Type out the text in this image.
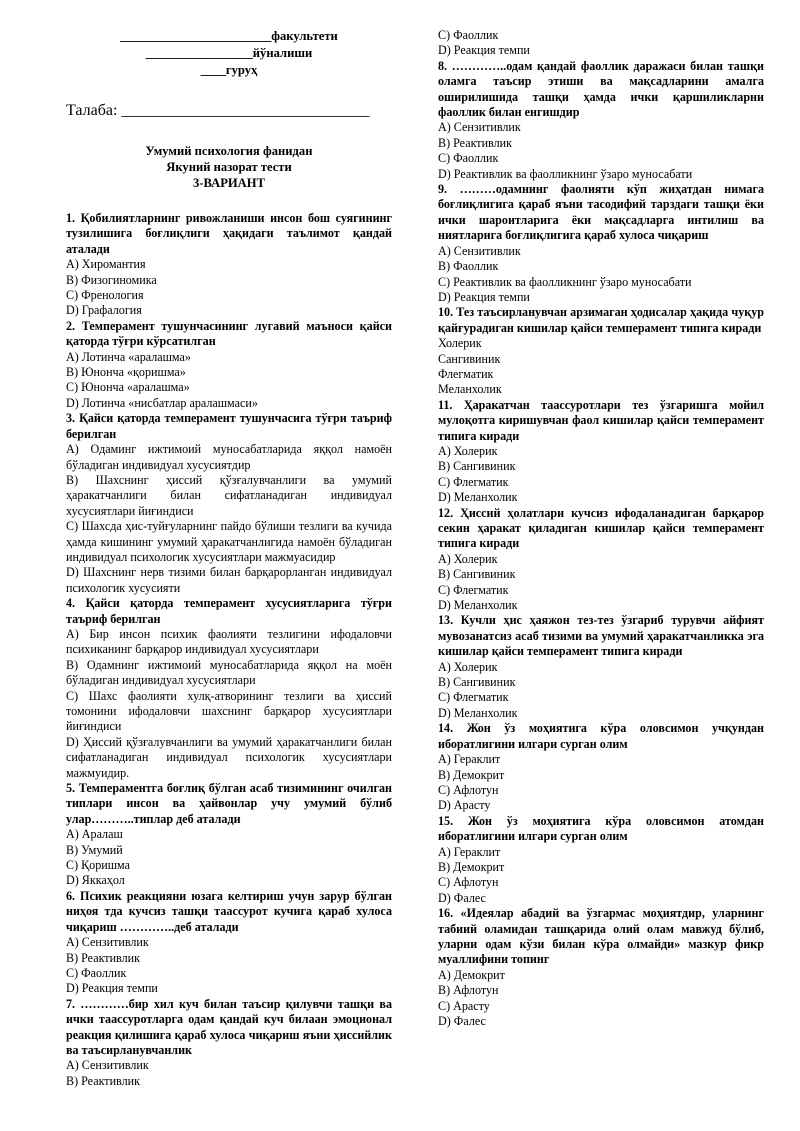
________________________факультети
_________________йўналиши
____гуруҳ
Талаба: _______________________________
Умумий психология фанидан
Якуний назорат тести
3-ВАРИАНТ
1. Қобилиятларнинг ривожланиши инсон бош суягининг тузилишига боғлиқлиги ҳақидаги таълимот қандай аталади
A) Хиромантия
B) Физогиномика
C) Френология
D) Графалогия
2. Темперамент тушунчасининг лугавий маъноси қайси қаторда тўғри кўрсатилган
A) Лотинча «аралашма»
B) Юнонча «қоришма»
C) Юнонча «аралашма»
D) Лотинча «нисбатлар аралашмаси»
3. Қайси қаторда темперамент тушунчасига тўғри таъриф берилган
A) Одаминг ижтимоий муносабатларида яққол намоён бўладиган индивидуал хусусиятдир
B) Шахснинг ҳиссий қўзғалувчанлиги ва умумий ҳаракатчанлиги билан сифатланадиган индивидуал хусусиятлари йиғиндиси
C) Шахсда ҳис-туйғуларнинг пайдо бўлиши тезлиги ва кучида ҳамда кишининг умумий ҳаракатчанлигида намоён бўладиган индивидуал психологик хусусиятлари мажмуасидир
D) Шахснинг нерв тизими билан барқарорланган индивидуал психологик хусусияти
4. Қайси қаторда темперамент хусусиятларига тўғри таъриф берилган
A) Бир инсон психик фаолияти тезлигини ифодаловчи психиканинг барқарор индивидуал хусусиятлари
B) Одамнинг ижтимоий муносабатларида яққол на моён бўладиган индивидуал хусусиятлари
C) Шахс фаолияти хулқ-атворининг тезлиги ва ҳиссий томонини ифодаловчи шахснинг барқарор хусусиятлари йиғиндиси
D) Ҳиссий қўзғалувчанлиги ва умумий ҳаракатчанлиги билан сифатланадиган индивидуал психологик хусусиятлари мажмуидир.
5. Темпераментга боғлиқ бўлган асаб тизимининг очилган типлари инсон ва ҳайвонлар учу умумий бўлиб улар………..типлар деб аталади
A) Аралаш
B) Умумий
C) Қоришма
D) Яккаҳол
6. Психик реакцияни юзага келтириш учун зарур бўлган ниҳоя тда кучсиз ташқи таассурот кучига қараб хулоса чиқариш …………..деб аталади
A) Сензитивлик
B) Реактивлик
C) Фаоллик
D) Реакция темпи
7. …………бир хил куч билан таъсир қилувчи ташқи ва ички таассуротларга одам қандай куч билаан эмоционал реакция қилишига қараб хулоса чиқариш яъни ҳиссийлик ва таъсирланувчанлик
A) Сензитивлик
B) Реактивлик
C) Фаоллик
D) Реакция темпи
8. …………..одам қандай фаоллик даражаси билан ташқи оламга таъсир этиши ва мақсадларини амалга оширилишида ташқи ҳамда ички қаршиликларни фаоллик билан енгишдир
A) Сензитивлик
B) Реактивлик
C) Фаоллик
D) Реактивлик ва фаолликнинг ўзаро муносабати
9. ………одамнинг фаолияти кўп жиҳатдан нимага боғлиқлигига қараб яъни тасодифий тарздаги ташқи ёки ички шароитларига ёки мақсадларга интилиш ва ниятларига боғлиқлигига қараб хулоса чиқариш
A) Сензитивлик
B) Фаоллик
C) Реактивлик ва фаолликнинг ўзаро муносабати
D) Реакция темпи
10. Тез таъсирланувчан арзимаган ҳодисалар ҳақида чуқур қайғурадиган кишилар қайси темперамент типига киради
Холерик
Сангивиник
Флегматик
Меланхолик
11. Ҳаракатчан таассуротлари тез ўзгаришга мойил мулоқотга киришувчан фаол кишилар қайси темперамент типига киради
A) Холерик
B) Сангивиник
C) Флегматик
D) Меланхолик
12. Ҳиссий ҳолатлари кучсиз ифодаланадиган барқарор секин ҳаракат қиладиган кишилар қайси темперамент типига киради
A) Холерик
B) Сангивиник
C) Флегматик
D) Меланхолик
13. Кучли ҳис ҳаяжон тез-тез ўзгариб турувчи айфият мувозанатсиз асаб тизими ва умумий ҳаракатчанликка эга кишилар қайси темперамент типига киради
A) Холерик
B) Сангивиник
C) Флегматик
D) Меланхолик
14. Жон ўз моҳиятига кўра оловсимон учқундан иборатлигини илгари сурган олим
A) Гераклит
B) Демокрит
C) Афлотун
D) Арасту
15. Жон ўз моҳиятига кўра оловсимон атомдан иборатлигини илгари сурган олим
A) Гераклит
B) Демокрит
C) Афлотун
D) Фалес
16. «Идеялар абадий ва ўзгармас моҳиятдир, уларнинг табиий оламидан ташқарида олий олам мавжуд бўлиб, уларни одам кўзи билан кўра олмайди» мазкур фикр муаллифини топинг
A) Демокрит
B) Афлотун
C) Арасту
D) Фалес
